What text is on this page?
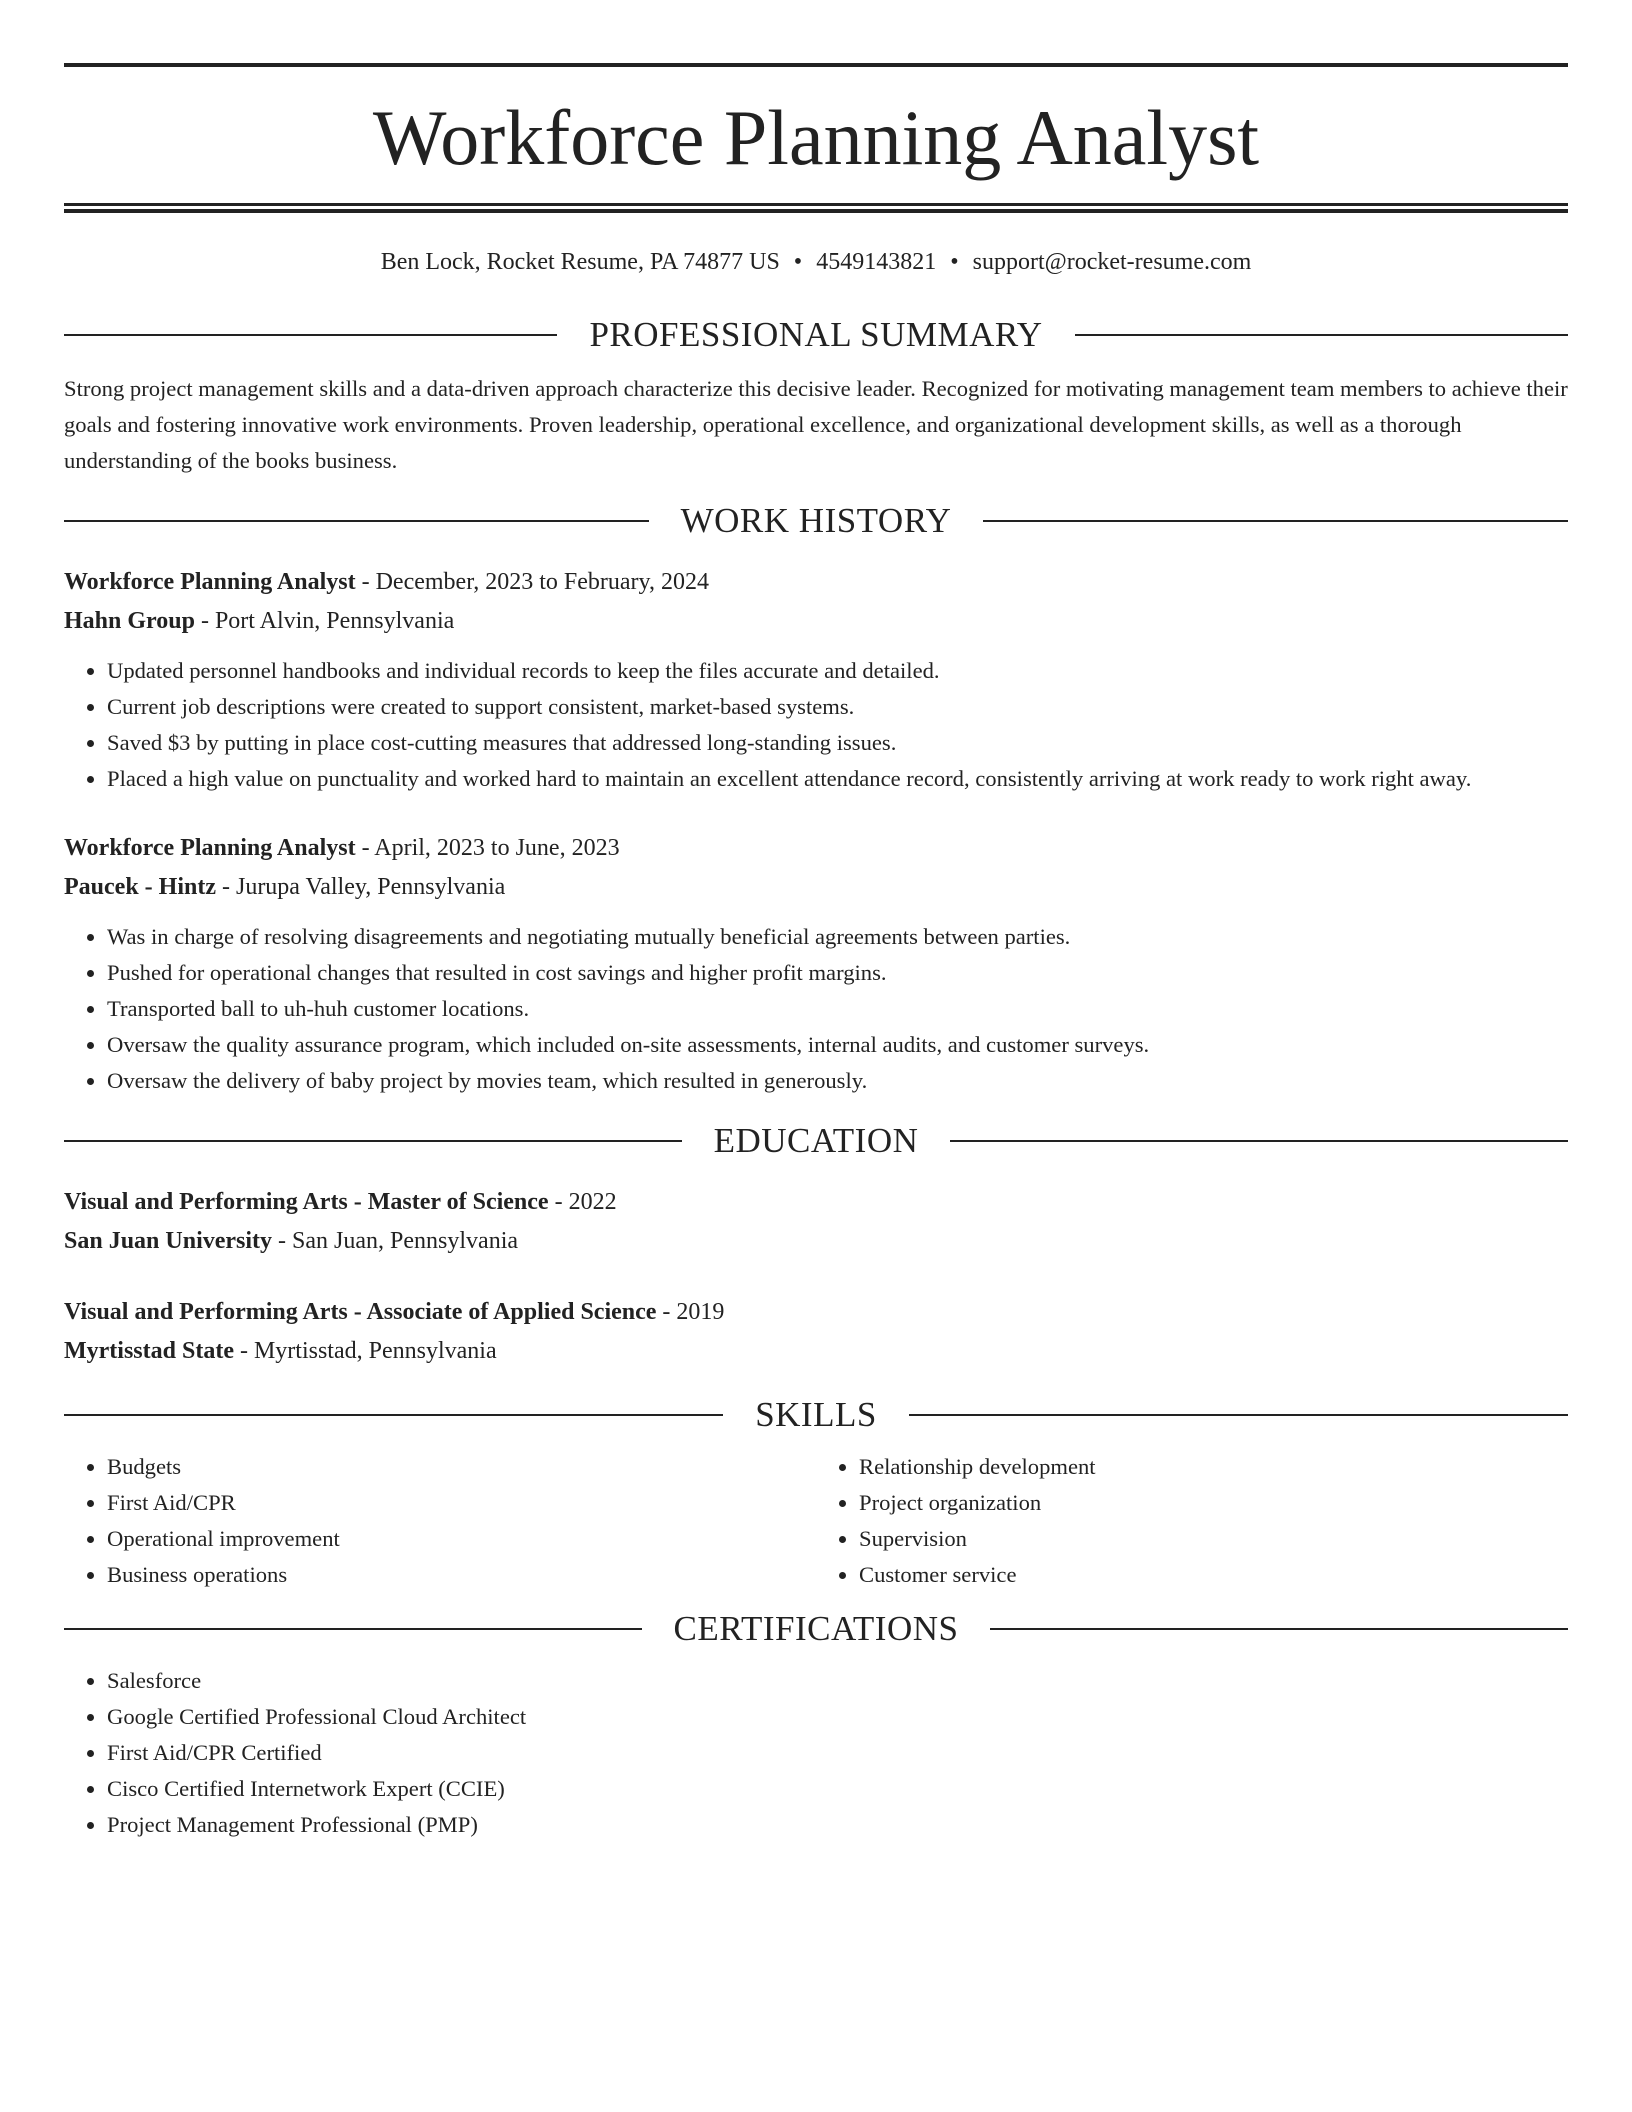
Workforce Planning Analyst
Ben Lock, Rocket Resume, PA 74877 US • 4549143821 • support@rocket-resume.com
PROFESSIONAL SUMMARY
Strong project management skills and a data-driven approach characterize this decisive leader. Recognized for motivating management team members to achieve their goals and fostering innovative work environments. Proven leadership, operational excellence, and organizational development skills, as well as a thorough understanding of the books business.
WORK HISTORY
Workforce Planning Analyst - December, 2023 to February, 2024
Hahn Group - Port Alvin, Pennsylvania
• Updated personnel handbooks and individual records to keep the files accurate and detailed.
• Current job descriptions were created to support consistent, market-based systems.
• Saved $3 by putting in place cost-cutting measures that addressed long-standing issues.
• Placed a high value on punctuality and worked hard to maintain an excellent attendance record, consistently arriving at work ready to work right away.
Workforce Planning Analyst - April, 2023 to June, 2023
Paucek - Hintz - Jurupa Valley, Pennsylvania
• Was in charge of resolving disagreements and negotiating mutually beneficial agreements between parties.
• Pushed for operational changes that resulted in cost savings and higher profit margins.
• Transported ball to uh-huh customer locations.
• Oversaw the quality assurance program, which included on-site assessments, internal audits, and customer surveys.
• Oversaw the delivery of baby project by movies team, which resulted in generously.
EDUCATION
Visual and Performing Arts - Master of Science - 2022
San Juan University - San Juan, Pennsylvania
Visual and Performing Arts - Associate of Applied Science - 2019
Myrtisstad State - Myrtisstad, Pennsylvania
SKILLS
• Budgets
• First Aid/CPR
• Operational improvement
• Business operations
• Relationship development
• Project organization
• Supervision
• Customer service
CERTIFICATIONS
• Salesforce
• Google Certified Professional Cloud Architect
• First Aid/CPR Certified
• Cisco Certified Internetwork Expert (CCIE)
• Project Management Professional (PMP)
